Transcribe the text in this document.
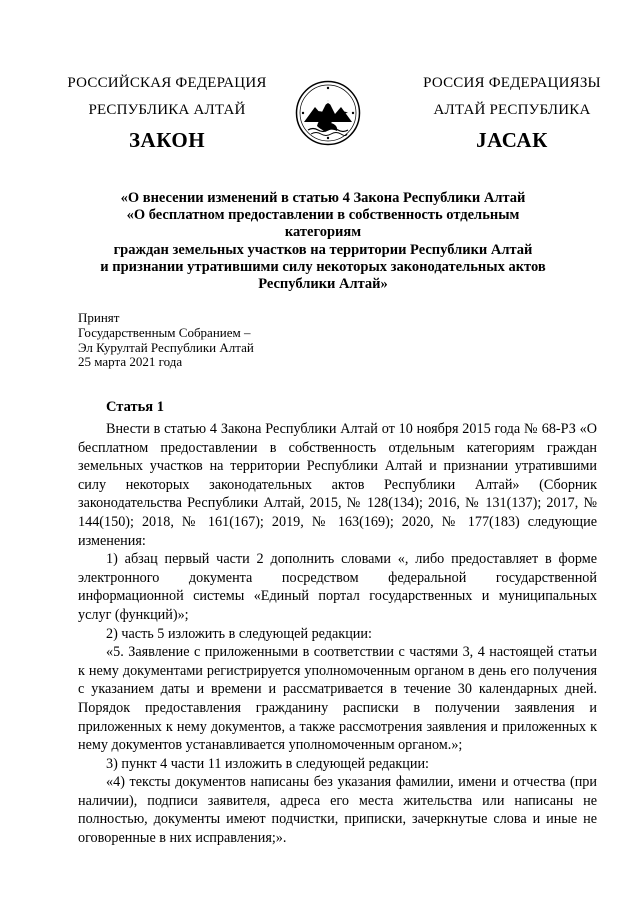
РОССИЙСКАЯ ФЕДЕРАЦИЯ
РЕСПУБЛИКА АЛТАЙ
ЗАКОН
РОССИЯ ФЕДЕРАЦИЯЗЫ
АЛТАЙ РЕСПУБЛИКА
JАСАК
«О внесении изменений в статью 4 Закона Республики Алтай
«О бесплатном предоставлении в собственность отдельным категориям
граждан земельных участков на территории Республики Алтай
и признании утратившими силу некоторых законодательных актов
Республики Алтай»
Принят
Государственным Собранием –
Эл Курултай Республики Алтай
25 марта 2021 года
Статья 1

Внести в статью 4 Закона Республики Алтай от 10 ноября 2015 года № 68-РЗ «О бесплатном предоставлении в собственность отдельным категориям граждан земельных участков на территории Республики Алтай и признании утратившими силу некоторых законодательных актов Республики Алтай» (Сборник законодательства Республики Алтай, 2015, № 128(134); 2016, № 131(137); 2017, № 144(150); 2018, № 161(167); 2019, № 163(169); 2020, № 177(183) следующие изменения:

1) абзац первый части 2 дополнить словами «, либо предоставляет в форме электронного документа посредством федеральной государственной информационной системы «Единый портал государственных и муниципальных услуг (функций)»;

2) часть 5 изложить в следующей редакции:

«5. Заявление с приложенными в соответствии с частями 3, 4 настоящей статьи к нему документами регистрируется уполномоченным органом в день его получения с указанием даты и времени и рассматривается в течение 30 календарных дней. Порядок предоставления гражданину расписки в получении заявления и приложенных к нему документов, а также рассмотрения заявления и приложенных к нему документов устанавливается уполномоченным органом.»;

3) пункт 4 части 11 изложить в следующей редакции:

«4) тексты документов написаны без указания фамилии, имени и отчества (при наличии), подписи заявителя, адреса его места жительства или написаны не полностью, документы имеют подчистки, приписки, зачеркнутые слова и иные не оговоренные в них исправления;».
